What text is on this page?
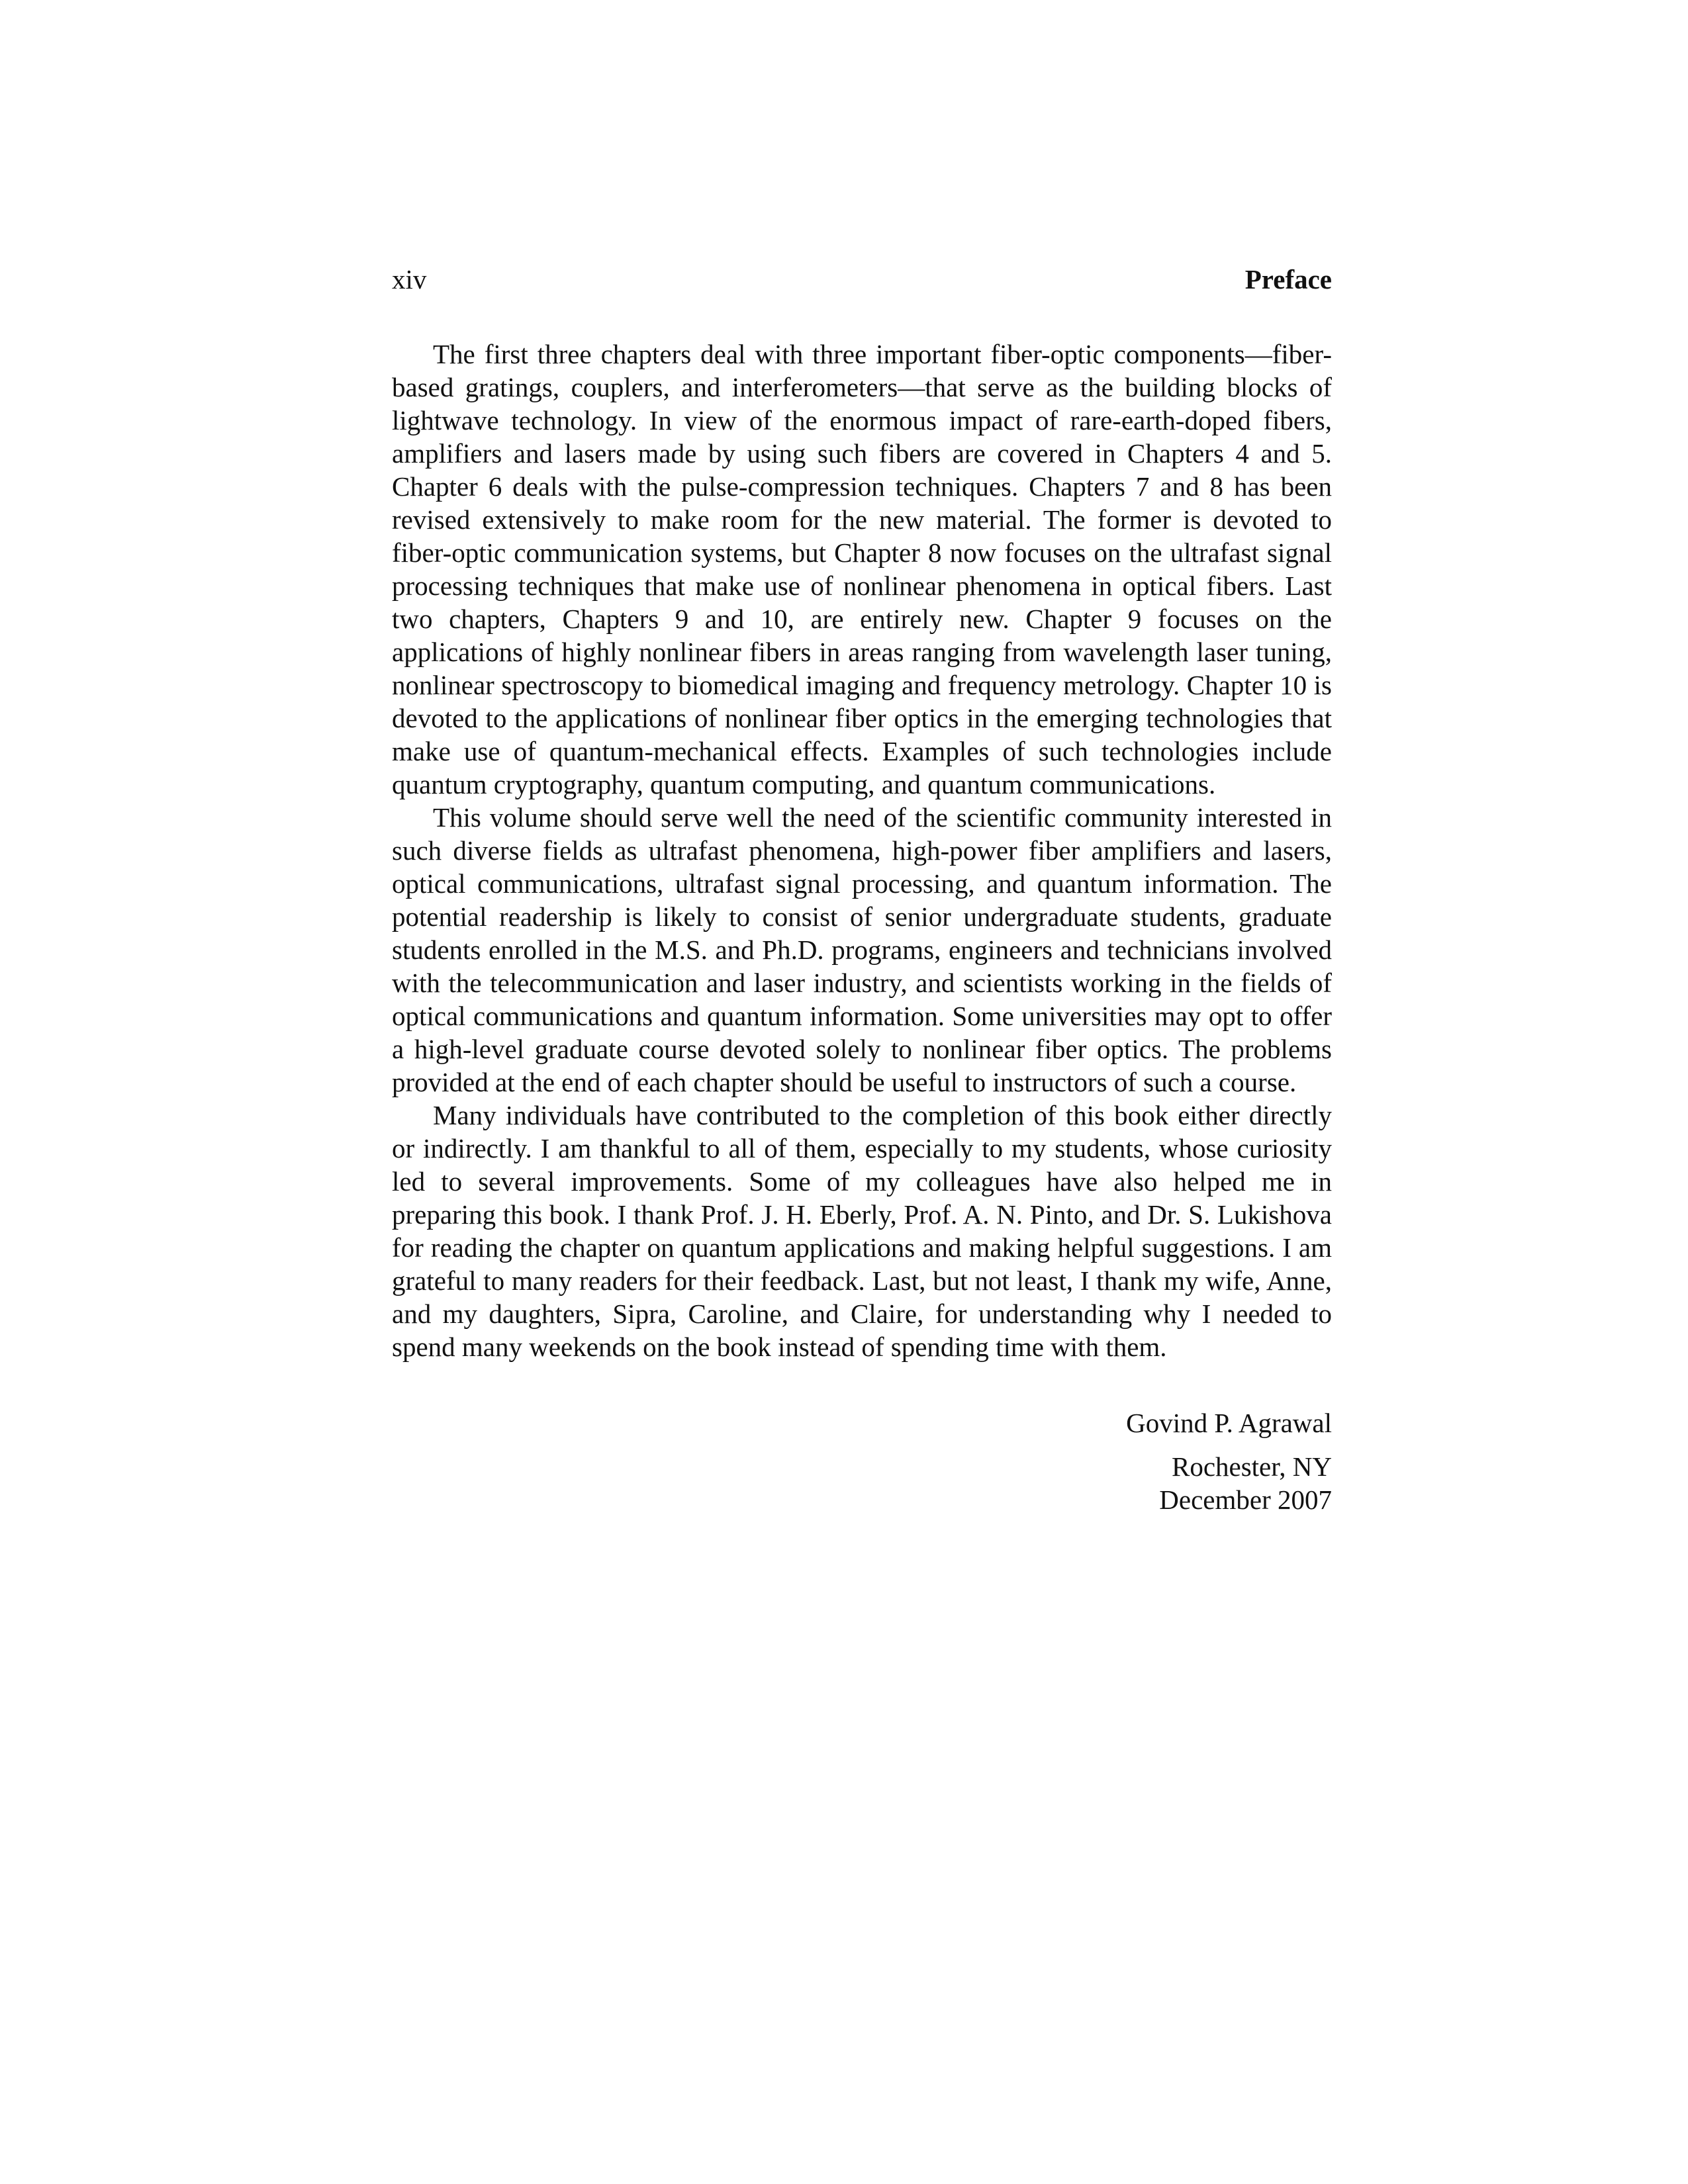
xiv	Preface

The first three chapters deal with three important fiber-optic components—fiber-based gratings, couplers, and interferometers—that serve as the building blocks of lightwave technology. In view of the enormous impact of rare-earth-doped fibers, amplifiers and lasers made by using such fibers are covered in Chapters 4 and 5. Chapter 6 deals with the pulse-compression techniques. Chapters 7 and 8 has been revised extensively to make room for the new material. The former is devoted to fiber-optic communication systems, but Chapter 8 now focuses on the ultrafast signal processing techniques that make use of nonlinear phenomena in optical fibers. Last two chapters, Chapters 9 and 10, are entirely new. Chapter 9 focuses on the applications of highly nonlinear fibers in areas ranging from wavelength laser tuning, nonlinear spectroscopy to biomedical imaging and frequency metrology. Chapter 10 is devoted to the applications of nonlinear fiber optics in the emerging technologies that make use of quantum-mechanical effects. Examples of such technologies include quantum cryptography, quantum computing, and quantum communications.

This volume should serve well the need of the scientific community interested in such diverse fields as ultrafast phenomena, high-power fiber amplifiers and lasers, optical communications, ultrafast signal processing, and quantum information. The potential readership is likely to consist of senior undergraduate students, graduate students enrolled in the M.S. and Ph.D. programs, engineers and technicians involved with the telecommunication and laser industry, and scientists working in the fields of optical communications and quantum information. Some universities may opt to offer a high-level graduate course devoted solely to nonlinear fiber optics. The problems provided at the end of each chapter should be useful to instructors of such a course.

Many individuals have contributed to the completion of this book either directly or indirectly. I am thankful to all of them, especially to my students, whose curiosity led to several improvements. Some of my colleagues have also helped me in preparing this book. I thank Prof. J. H. Eberly, Prof. A. N. Pinto, and Dr. S. Lukishova for reading the chapter on quantum applications and making helpful suggestions. I am grateful to many readers for their feedback. Last, but not least, I thank my wife, Anne, and my daughters, Sipra, Caroline, and Claire, for understanding why I needed to spend many weekends on the book instead of spending time with them.

Govind P. Agrawal
Rochester, NY
December 2007
